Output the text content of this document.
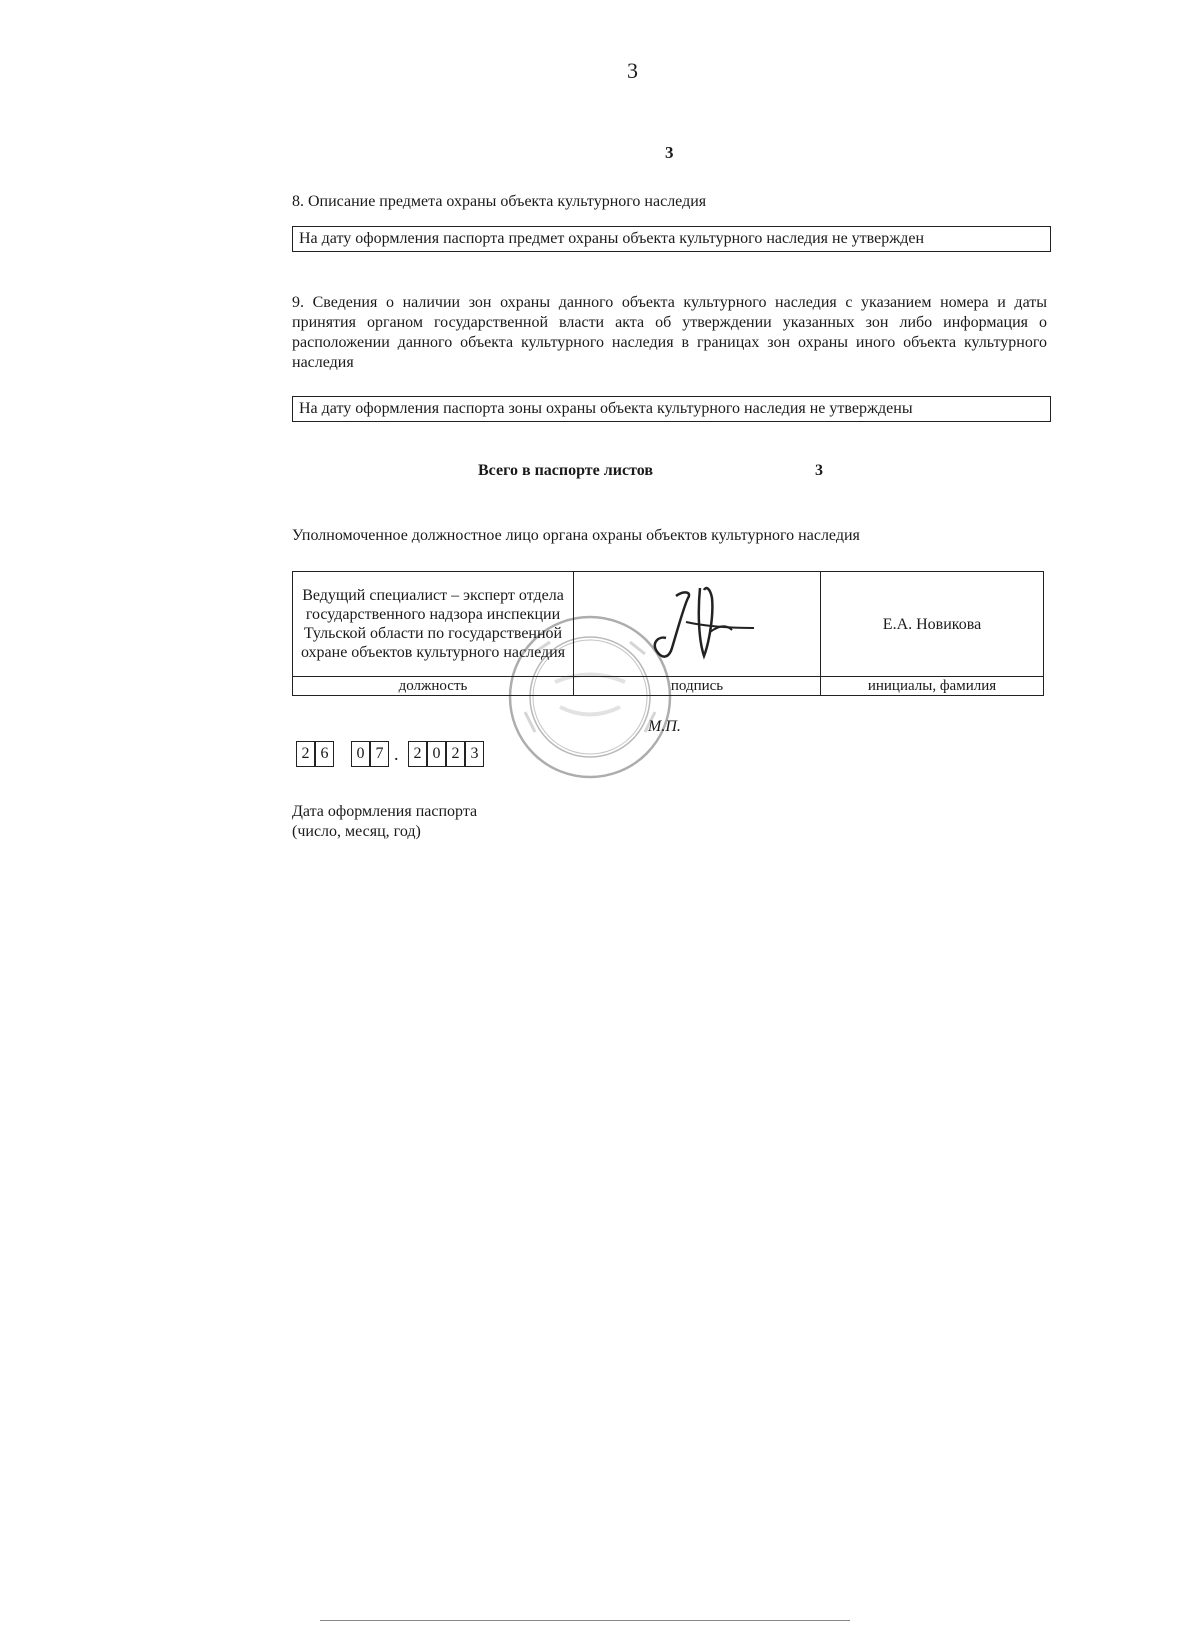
3
3
8. Описание предмета охраны объекта культурного наследия
На дату оформления паспорта предмет охраны объекта культурного наследия не утвержден
9. Сведения о наличии зон охраны данного объекта культурного наследия с указанием номера и даты принятия органом государственной власти акта об утверждении указанных зон либо информация о расположении данного объекта культурного наследия в границах зон охраны иного объекта культурного наследия
На дату оформления паспорта зоны охраны объекта культурного наследия не утверждены
Всего в паспорте листов	3
Уполномоченное должностное лицо органа охраны объектов культурного наследия
Ведущий специалист – эксперт отдела государственного надзора инспекции Тульской области по государственной охране объектов культурного наследия		Е.А. Новикова
должность	подпись	инициалы, фамилия
М.П.
2 6	0 7 . 2 0 2 3
Дата оформления паспорта
(число, месяц, год)
